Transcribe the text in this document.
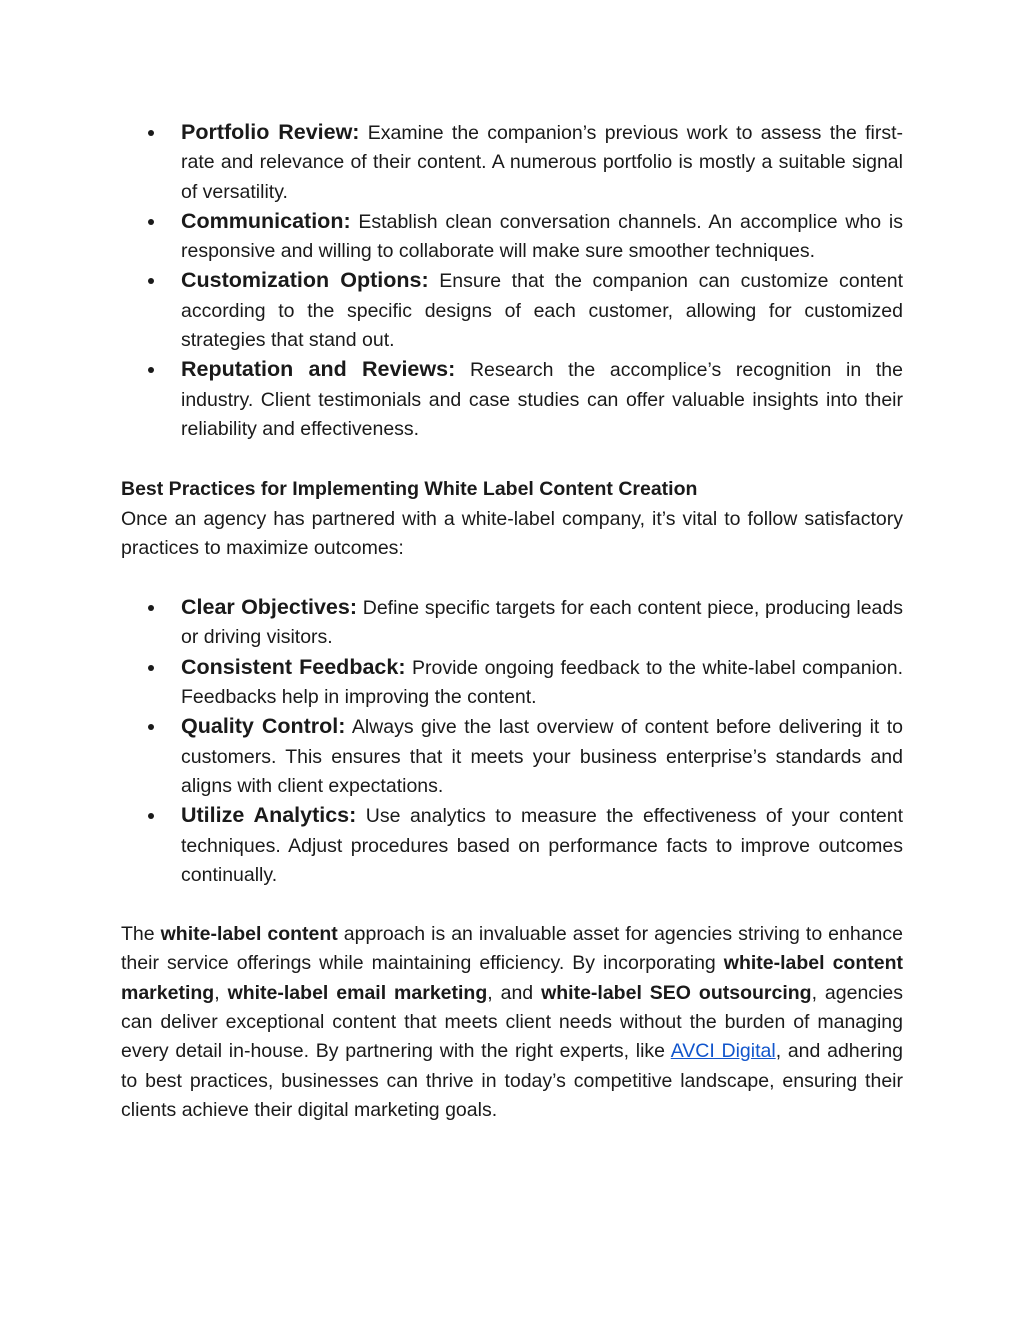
Portfolio Review: Examine the companion’s previous work to assess the first-rate and relevance of their content. A numerous portfolio is mostly a suitable signal of versatility.
Communication: Establish clean conversation channels. An accomplice who is responsive and willing to collaborate will make sure smoother techniques.
Customization Options: Ensure that the companion can customize content according to the specific designs of each customer, allowing for customized strategies that stand out.
Reputation and Reviews: Research the accomplice’s recognition in the industry. Client testimonials and case studies can offer valuable insights into their reliability and effectiveness.
Best Practices for Implementing White Label Content Creation

Once an agency has partnered with a white-label company, it’s vital to follow satisfactory practices to maximize outcomes:

Clear Objectives: Define specific targets for each content piece, producing leads or driving visitors.
Consistent Feedback: Provide ongoing feedback to the white-label companion. Feedbacks help in improving the content.
Quality Control: Always give the last overview of content before delivering it to customers. This ensures that it meets your business enterprise’s standards and aligns with client expectations.
Utilize Analytics: Use analytics to measure the effectiveness of your content techniques. Adjust procedures based on performance facts to improve outcomes continually.

The white-label content approach is an invaluable asset for agencies striving to enhance their service offerings while maintaining efficiency. By incorporating white-label content marketing, white-label email marketing, and white-label SEO outsourcing, agencies can deliver exceptional content that meets client needs without the burden of managing every detail in-house. By partnering with the right experts, like AVCI Digital, and adhering to best practices, businesses can thrive in today’s competitive landscape, ensuring their clients achieve their digital marketing goals.
